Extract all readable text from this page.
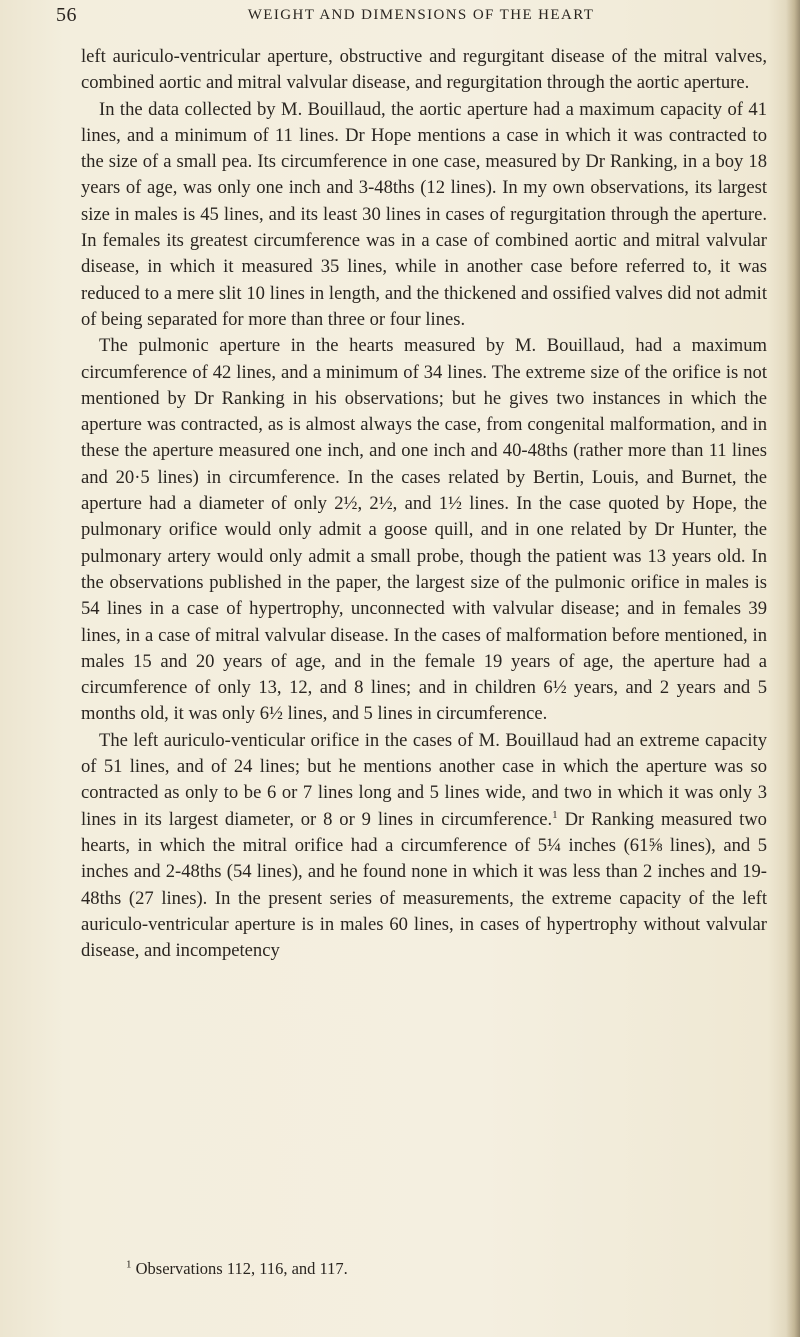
56	WEIGHT AND DIMENSIONS OF THE HEART

left auriculo-ventricular aperture, obstructive and regurgitant disease of the mitral valves, combined aortic and mitral valvular disease, and regurgitation through the aortic aperture.

In the data collected by M. Bouillaud, the aortic aperture had a maximum capacity of 41 lines, and a minimum of 11 lines. Dr Hope mentions a case in which it was contracted to the size of a small pea. Its circumference in one case, measured by Dr Ranking, in a boy 18 years of age, was only one inch and 3-48ths (12 lines). In my own observations, its largest size in males is 45 lines, and its least 30 lines in cases of regurgitation through the aperture. In females its greatest circumference was in a case of combined aortic and mitral valvular disease, in which it measured 35 lines, while in another case before referred to, it was reduced to a mere slit 10 lines in length, and the thickened and ossified valves did not admit of being separated for more than three or four lines.

The pulmonic aperture in the hearts measured by M. Bouillaud, had a maximum circumference of 42 lines, and a minimum of 34 lines. The extreme size of the orifice is not mentioned by Dr Ranking in his observations; but he gives two instances in which the aperture was contracted, as is almost always the case, from congenital malformation, and in these the aperture measured one inch, and one inch and 40-48ths (rather more than 11 lines and 20·5 lines) in circumference. In the cases related by Bertin, Louis, and Burnet, the aperture had a diameter of only 2½, 2½, and 1½ lines. In the case quoted by Hope, the pulmonary orifice would only admit a goose quill, and in one related by Dr Hunter, the pulmonary artery would only admit a small probe, though the patient was 13 years old. In the observations published in the paper, the largest size of the pulmonic orifice in males is 54 lines in a case of hypertrophy, unconnected with valvular disease; and in females 39 lines, in a case of mitral valvular disease. In the cases of malformation before mentioned, in males 15 and 20 years of age, and in the female 19 years of age, the aperture had a circumference of only 13, 12, and 8 lines; and in children 6½ years, and 2 years and 5 months old, it was only 6½ lines, and 5 lines in circumference.

The left auriculo-venticular orifice in the cases of M. Bouillaud had an extreme capacity of 51 lines, and of 24 lines; but he mentions another case in which the aperture was so contracted as only to be 6 or 7 lines long and 5 lines wide, and two in which it was only 3 lines in its largest diameter, or 8 or 9 lines in circumference.$^1$ Dr Ranking measured two hearts, in which the mitral orifice had a circumference of 5¼ inches (61⅝ lines), and 5 inches and 2-48ths (54 lines), and he found none in which it was less than 2 inches and 19-48ths (27 lines). In the present series of measurements, the extreme capacity of the left auriculo-ventricular aperture is in males 60 lines, in cases of hypertrophy without valvular disease, and incompetency

$^1$ Observations 112, 116, and 117.
